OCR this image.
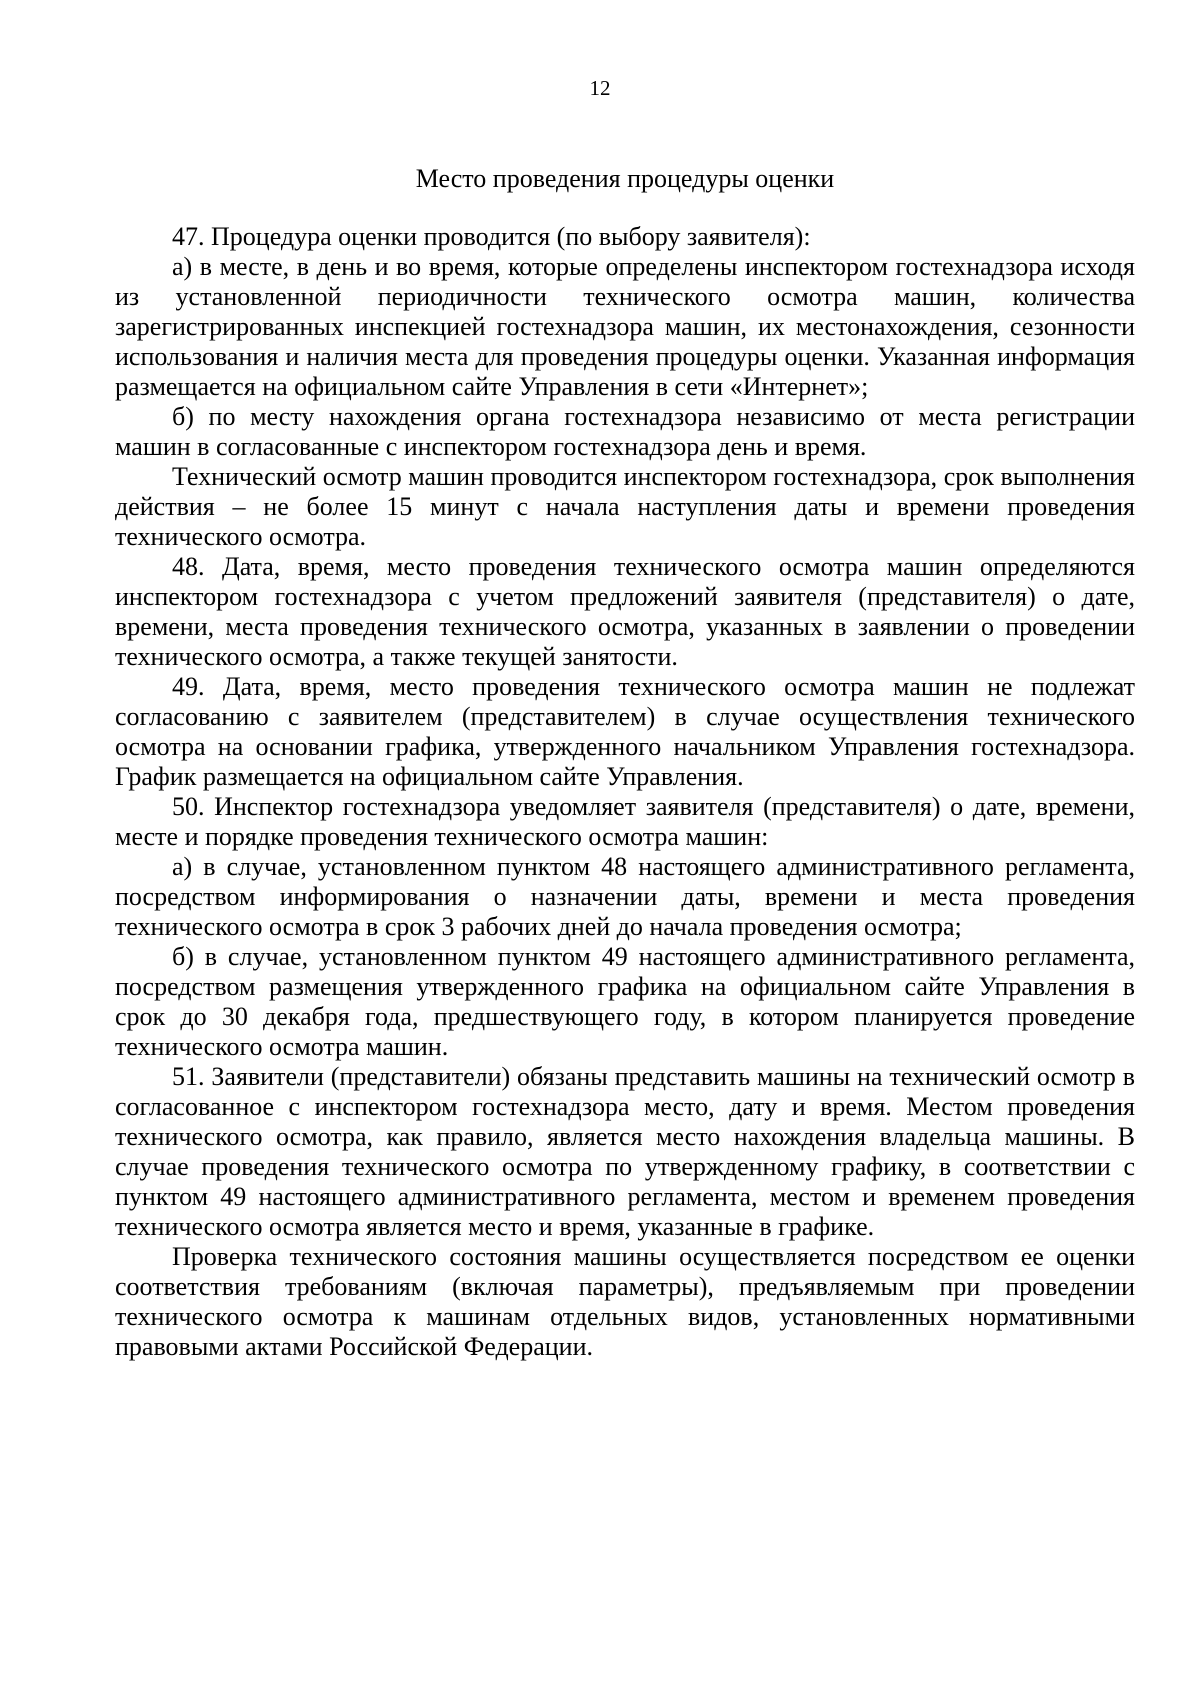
12
Место проведения процедуры оценки

47. Процедура оценки проводится (по выбору заявителя):

а) в месте, в день и во время, которые определены инспектором гостехнадзора исходя из установленной периодичности технического осмотра машин, количества зарегистрированных инспекцией гостехнадзора машин, их местонахождения, сезонности использования и наличия места для проведения процедуры оценки. Указанная информация размещается на официальном сайте Управления в сети «Интернет»;

б) по месту нахождения органа гостехнадзора независимо от места регистрации машин в согласованные с инспектором гостехнадзора день и время.

Технический осмотр машин проводится инспектором гостехнадзора, срок выполнения действия – не более 15 минут с начала наступления даты и времени проведения технического осмотра.

48. Дата, время, место проведения технического осмотра машин определяются инспектором гостехнадзора с учетом предложений заявителя (представителя) о дате, времени, места проведения технического осмотра, указанных в заявлении о проведении технического осмотра, а также текущей занятости.

49. Дата, время, место проведения технического осмотра машин не подлежат согласованию с заявителем (представителем) в случае осуществления технического осмотра на основании графика, утвержденного начальником Управления гостехнадзора. График размещается на официальном сайте Управления.

50. Инспектор гостехнадзора уведомляет заявителя (представителя) о дате, времени, месте и порядке проведения технического осмотра машин:

а) в случае, установленном пунктом 48 настоящего административного регламента, посредством информирования о назначении даты, времени и места проведения технического осмотра в срок 3 рабочих дней до начала проведения осмотра;

б) в случае, установленном пунктом 49 настоящего административного регламента, посредством размещения утвержденного графика на официальном сайте Управления в срок до 30 декабря года, предшествующего году, в котором планируется проведение технического осмотра машин.

51. Заявители (представители) обязаны представить машины на технический осмотр в согласованное с инспектором гостехнадзора место, дату и время. Местом проведения технического осмотра, как правило, является место нахождения владельца машины. В случае проведения технического осмотра по утвержденному графику, в соответствии с пунктом 49 настоящего административного регламента, местом и временем проведения технического осмотра является место и время, указанные в графике.

Проверка технического состояния машины осуществляется посредством ее оценки соответствия требованиям (включая параметры), предъявляемым при проведении технического осмотра к машинам отдельных видов, установленных нормативными правовыми актами Российской Федерации.
